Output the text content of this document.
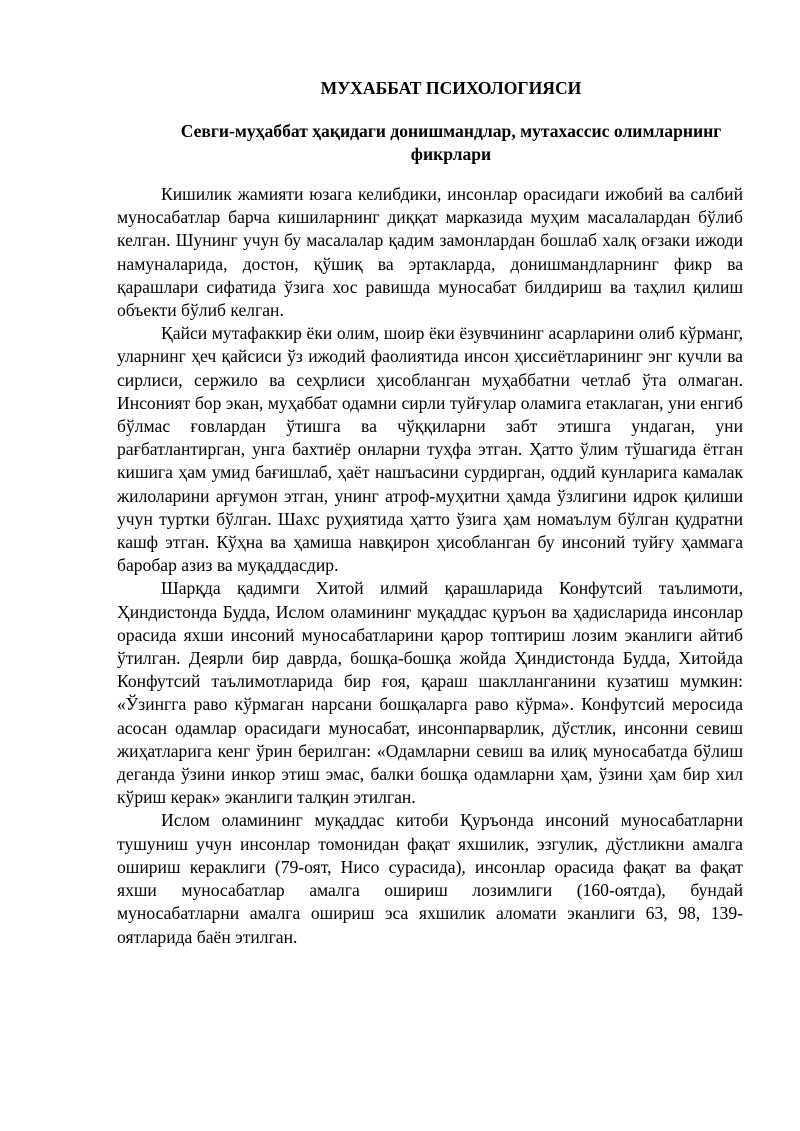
МУХАББАТ ПСИХОЛОГИЯСИ
Севги-муҳаббат ҳақидаги донишмандлар, мутахассис олимларнинг фикрлари

Кишилик жамияти юзага келибдики, инсонлар орасидаги ижобий ва салбий муносабатлар барча кишиларнинг диққат марказида муҳим масалалардан бўлиб келган. Шунинг учун бу масалалар қадим замонлардан бошлаб халқ оғзаки ижоди намуналарида, достон, қўшиқ ва эртакларда, донишмандларнинг фикр ва қарашлари сифатида ўзига хос равишда муносабат билдириш ва таҳлил қилиш объекти бўлиб келган.

Қайси мутафаккир ёки олим, шоир ёки ёзувчининг асарларини олиб кўрманг, уларнинг ҳеч қайсиси ўз ижодий фаолиятида инсон ҳиссиётларининг энг кучли ва сирлиси, сержило ва сеҳрлиси ҳисобланган муҳаббатни четлаб ўта олмаган. Инсоният бор экан, муҳаббат одамни сирли туйғулар оламига етаклаган, уни енгиб бўлмас ғовлардан ўтишга ва чўққиларни забт этишга ундаган, уни рағбатлантирган, унга бахтиёр онларни туҳфа этган. Ҳатто ўлим тўшагида ётган кишига ҳам умид бағишлаб, ҳаёт нашъасини сурдирган, оддий кунларига камалак жилоларини арғумон этган, унинг атроф-муҳитни ҳамда ўзлигини идрок қилиши учун туртки бўлган. Шахс руҳиятида ҳатто ўзига ҳам номаълум бўлган қудратни кашф этган. Кўҳна ва ҳамиша навқирон ҳисобланган бу инсоний туйғу ҳаммага баробар азиз ва муқаддасдир.

Шарқда қадимги Хитой илмий қарашларида Конфутсий таълимоти, Ҳиндистонда Будда, Ислом оламининг муқаддас қуръон ва ҳадисларида инсонлар орасида яхши инсоний муносабатларини қарор топтириш лозим эканлиги айтиб ўтилган. Деярли бир даврда, бошқа-бошқа жойда Ҳиндистонда Будда, Хитойда Конфутсий таълимотларида бир ғоя, қараш шаклланганини кузатиш мумкин: «Ўзингга раво кўрмаган нарсани бошқаларга раво кўрма». Конфутсий меросида асосан одамлар орасидаги муносабат, инсонпарварлик, дўстлик, инсонни севиш жиҳатларига кенг ўрин берилган: «Одамларни севиш ва илиқ муносабатда бўлиш деганда ўзини инкор этиш эмас, балки бошқа одамларни ҳам, ўзини ҳам бир хил кўриш керак» эканлиги талқин этилган.

Ислом оламининг муқаддас китоби Қуръонда инсоний муносабатларни тушуниш учун инсонлар томонидан фақат яхшилик, эзгулик, дўстликни амалга ошириш кераклиги (79-оят, Нисо сурасида), инсонлар орасида фақат ва фақат яхши муносабатлар амалга ошириш лозимлиги (160-оятда), бундай муносабатларни амалга ошириш эса яхшилик аломати эканлиги 63, 98, 139-оятларида баён этилган.
